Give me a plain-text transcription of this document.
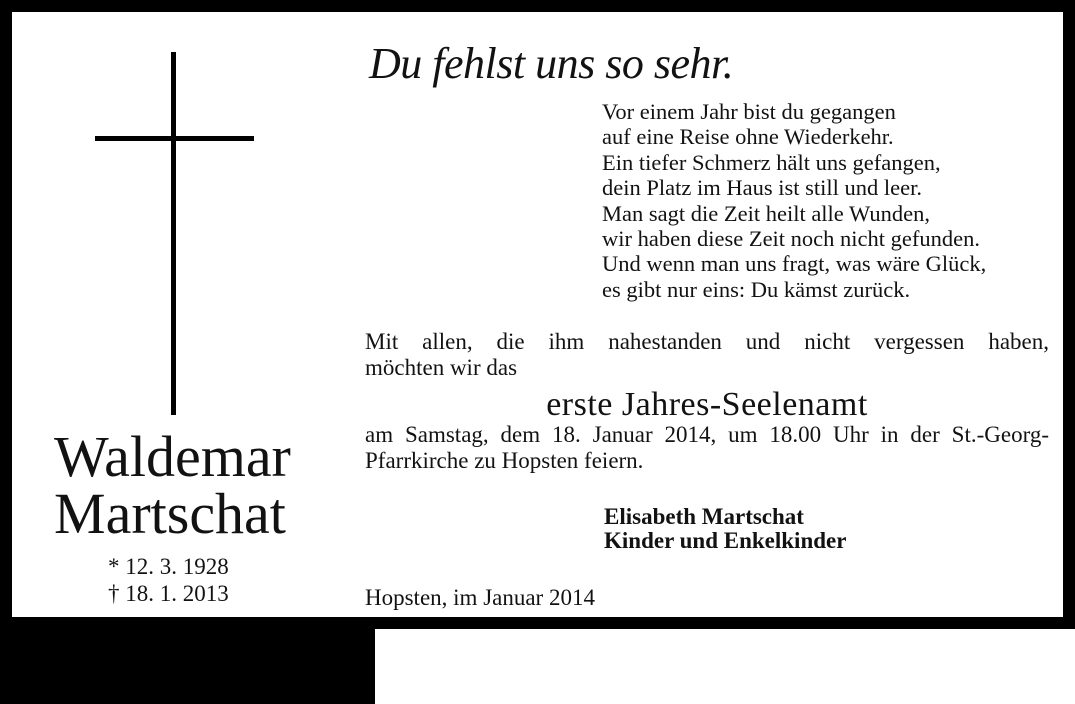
Du fehlst uns so sehr.
Vor einem Jahr bist du gegangen
auf eine Reise ohne Wiederkehr.
Ein tiefer Schmerz hält uns gefangen,
dein Platz im Haus ist still und leer.
Man sagt die Zeit heilt alle Wunden,
wir haben diese Zeit noch nicht gefunden.
Und wenn man uns fragt, was wäre Glück,
es gibt nur eins: Du kämst zurück.
Mit allen, die ihm nahestanden und nicht vergessen haben,
möchten wir das
erste Jahres-Seelenamt
am Samstag, dem 18. Januar 2014, um 18.00 Uhr in der St.-Georg-
Pfarrkirche zu Hopsten feiern.
Waldemar
Martschat
* 12. 3. 1928
† 18. 1. 2013
Elisabeth Martschat
Kinder und Enkelkinder
Hopsten, im Januar 2014
